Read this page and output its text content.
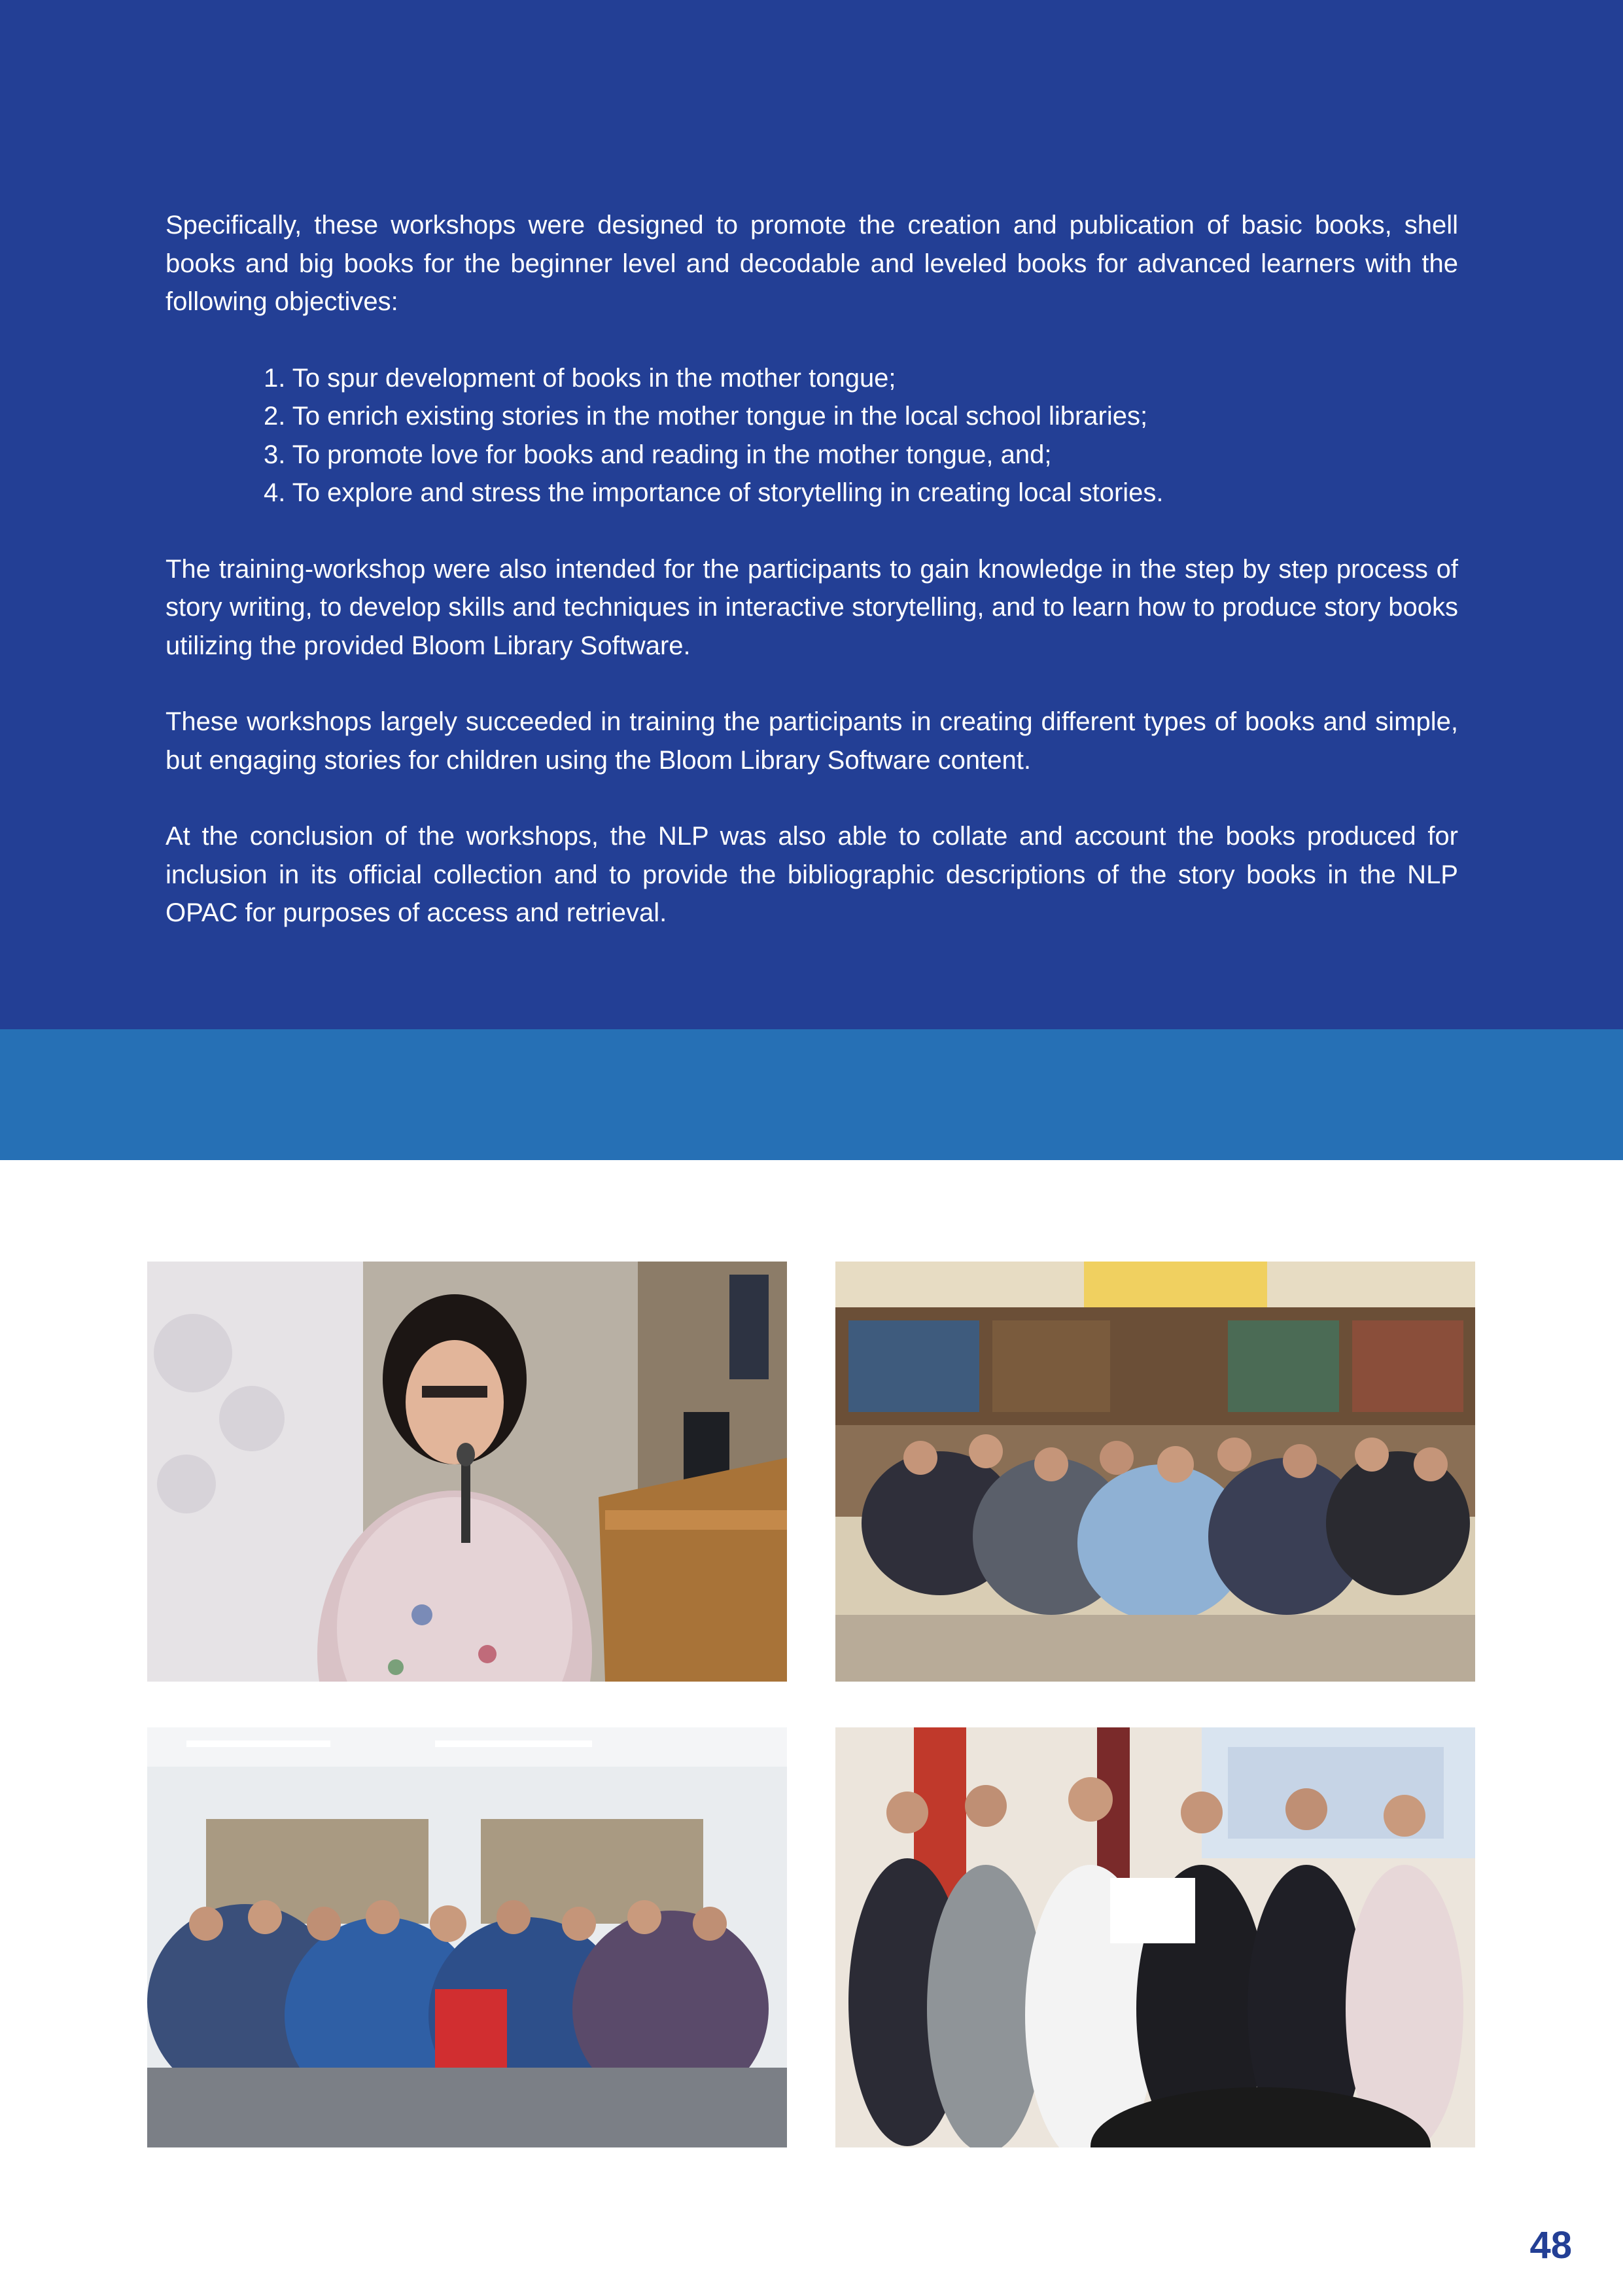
Specifically, these workshops were designed to promote the creation and publication of basic books, shell books and big books for the beginner level and decodable and leveled books for advanced learners with the following objectives:

1. To spur development of books in the mother tongue;
2. To enrich existing stories in the mother tongue in the local school libraries;
3. To promote love for books and reading in the mother tongue, and;
4. To explore and stress the importance of storytelling in creating local stories.

The training-workshop were also intended for the participants to gain knowledge in the step by step process of story writing, to develop skills and techniques in interactive storytelling, and to learn how to produce story books utilizing the provided Bloom Library Software.

These workshops largely succeeded in training the participants in creating different types of books and simple, but engaging stories for children using the Bloom Library Software content.

At the conclusion of the workshops, the NLP was also able to collate and account the books produced for inclusion in its official collection and to provide the bibliographic descriptions of the story books in the NLP OPAC for purposes of access and retrieval.

48
